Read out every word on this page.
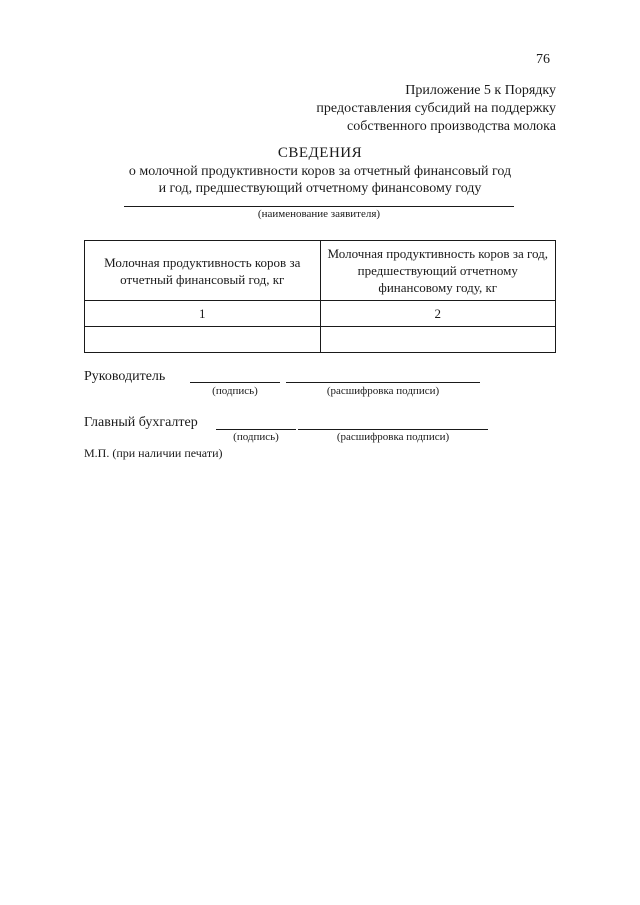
76
Приложение 5 к Порядку
предоставления субсидий на поддержку
собственного производства молока
СВЕДЕНИЯ
о молочной продуктивности коров за отчетный финансовый год
и год, предшествующий отчетному финансовому году
(наименование заявителя)
Молочная продуктивность коров за отчетный финансовый год, кг	Молочная продуктивность коров за год, предшествующий отчетному финансовому году, кг
1	2

Руководитель
(подпись)	(расшифровка подписи)
Главный бухгалтер
(подпись)	(расшифровка подписи)
М.П. (при наличии печати)
